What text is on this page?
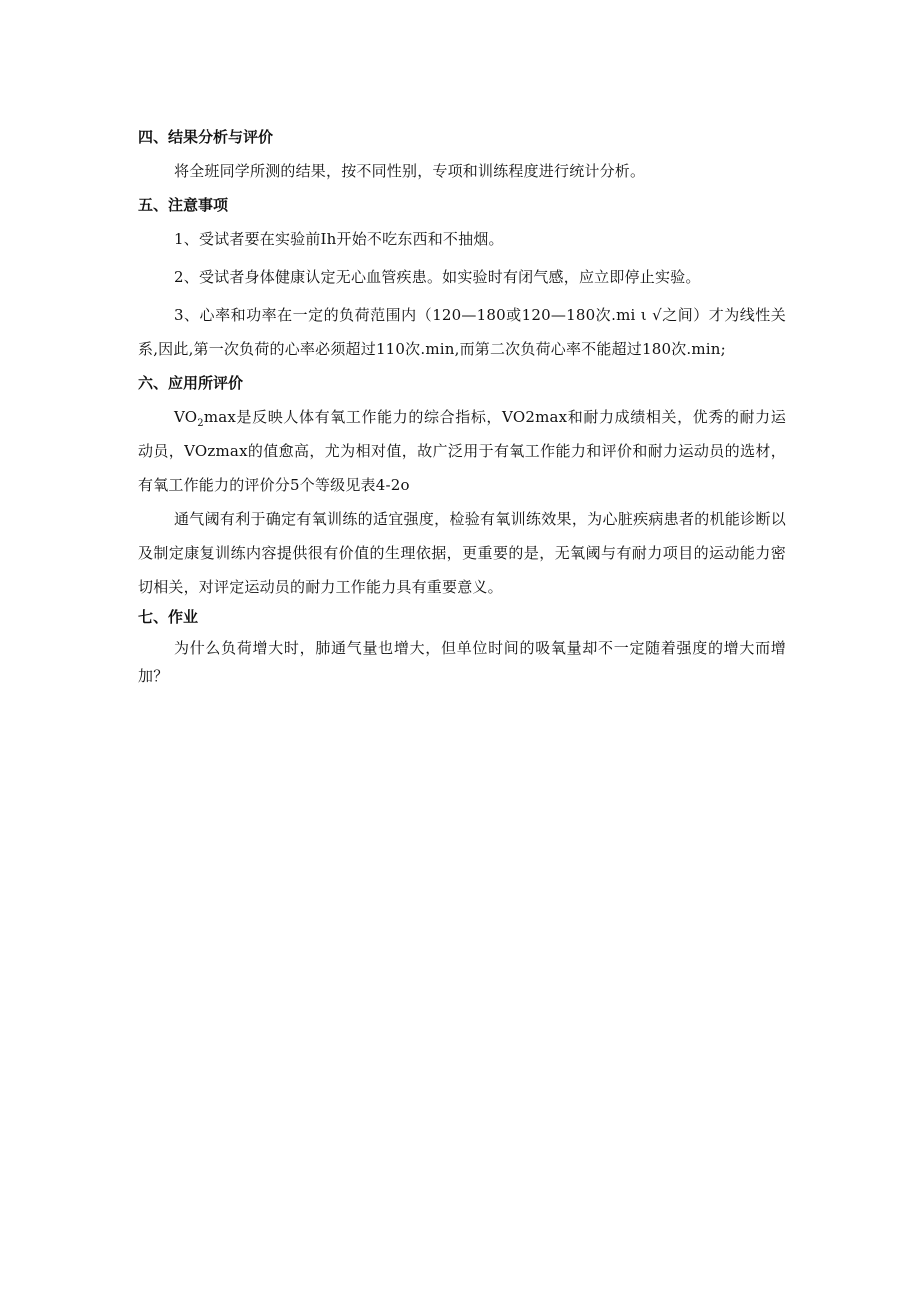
四、结果分析与评价

将全班同学所测的结果，按不同性别，专项和训练程度进行统计分析。

五、注意事项

1、受试者要在实验前Ih开始不吃东西和不抽烟。

2、受试者身体健康认定无心血管疾患。如实验时有闭气感，应立即停止实验。

3、心率和功率在一定的负荷范围内（120—180或120—180次.mi ι √之间）才为线性关系,因此,第一次负荷的心率必须超过110次.min,而第二次负荷心率不能超过180次.min;

六、应用所评价

$VO_2\max$是反映人体有氧工作能力的综合指标，VO2max和耐力成绩相关，优秀的耐力运动员，VOzmax的值愈高，尤为相对值，故广泛用于有氧工作能力和评价和耐力运动员的选材，有氧工作能力的评价分5个等级见表4-2o

通气阈有利于确定有氧训练的适宜强度，检验有氧训练效果，为心脏疾病患者的机能诊断以及制定康复训练内容提供很有价值的生理依据，更重要的是，无氧阈与有耐力项目的运动能力密切相关，对评定运动员的耐力工作能力具有重要意义。

七、作业

为什么负荷增大时，肺通气量也增大，但单位时间的吸氧量却不一定随着强度的增大而增加？
